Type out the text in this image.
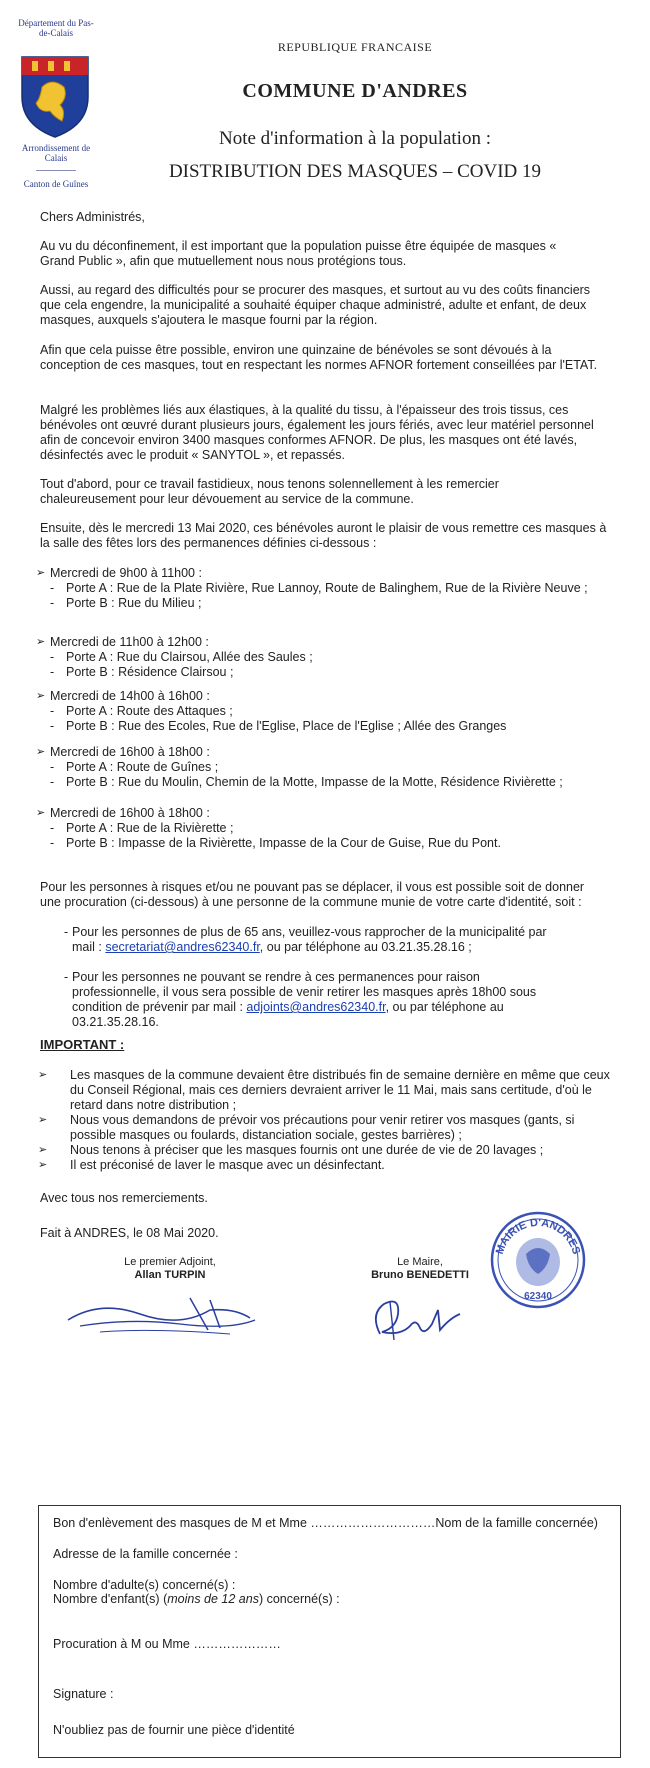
Département du Pas-de-Calais
Arrondissement de Calais
Canton de Guînes
REPUBLIQUE FRANCAISE
COMMUNE D'ANDRES
Note d'information à la population :
DISTRIBUTION DES MASQUES – COVID 19

Chers Administrés,

Au vu du déconfinement, il est important que la population puisse être équipée de masques « Grand Public », afin que mutuellement nous nous protégions tous.

Aussi, au regard des difficultés pour se procurer des masques, et surtout au vu des coûts financiers que cela engendre, la municipalité a souhaité équiper chaque administré, adulte et enfant, de deux masques, auxquels s'ajoutera le masque fourni par la région.

Afin que cela puisse être possible, environ une quinzaine de bénévoles se sont dévoués à la conception de ces masques, tout en respectant les normes AFNOR fortement conseillées par l'ETAT.

Malgré les problèmes liés aux élastiques, à la qualité du tissu, à l'épaisseur des trois tissus, ces bénévoles ont œuvré durant plusieurs jours, également les jours fériés, avec leur matériel personnel afin de concevoir environ 3400 masques conformes AFNOR. De plus, les masques ont été lavés, désinfectés avec le produit « SANYTOL », et repassés.

Tout d'abord, pour ce travail fastidieux, nous tenons solennellement à les remercier chaleureusement pour leur dévouement au service de la commune.

Ensuite, dès le mercredi 13 Mai 2020, ces bénévoles auront le plaisir de vous remettre ces masques à la salle des fêtes lors des permanences définies ci-dessous :

➢ Mercredi de 9h00 à 11h00 :
- Porte A : Rue de la Plate Rivière, Rue Lannoy, Route de Balinghem, Rue de la Rivière Neuve ;
- Porte B : Rue du Milieu ;
➢ Mercredi de 11h00 à 12h00 :
- Porte A : Rue du Clairsou, Allée des Saules ;
- Porte B : Résidence Clairsou ;
➢ Mercredi de 14h00 à 16h00 :
- Porte A : Route des Attaques ;
- Porte B : Rue des Ecoles, Rue de l'Eglise, Place de l'Eglise ; Allée des Granges
➢ Mercredi de 16h00 à 18h00 :
- Porte A : Route de Guînes ;
- Porte B : Rue du Moulin, Chemin de la Motte, Impasse de la Motte, Résidence Rivièrette ;
➢ Mercredi de 16h00 à 18h00 :
- Porte A : Rue de la Rivièrette ;
- Porte B : Impasse de la Rivièrette, Impasse de la Cour de Guise, Rue du Pont.

Pour les personnes à risques et/ou ne pouvant pas se déplacer, il vous est possible soit de donner une procuration (ci-dessous) à une personne de la commune munie de votre carte d'identité, soit :

- Pour les personnes de plus de 65 ans, veuillez-vous rapprocher de la municipalité par mail : secretariat@andres62340.fr, ou par téléphone au 03.21.35.28.16 ;
- Pour les personnes ne pouvant se rendre à ces permanences pour raison professionnelle, il vous sera possible de venir retirer les masques après 18h00 sous condition de prévenir par mail : adjoints@andres62340.fr, ou par téléphone au 03.21.35.28.16.
IMPORTANT :
➢ Les masques de la commune devaient être distribués fin de semaine dernière en même que ceux du Conseil Régional, mais ces derniers devraient arriver le 11 Mai, mais sans certitude, d'où le retard dans notre distribution ;
➢ Nous vous demandons de prévoir vos précautions pour venir retirer vos masques (gants, si possible masques ou foulards, distanciation sociale, gestes barrières) ;
➢ Nous tenons à préciser que les masques fournis ont une durée de vie de 20 lavages ;
➢ Il est préconisé de laver le masque avec un désinfectant.

Avec tous nos remerciements.

Fait à ANDRES, le 08 Mai 2020.

Le premier Adjoint,
Allan TURPIN
Le Maire,
Bruno BENEDETTI
MAIRIE D'ANDRES
62340
Bon d'enlèvement des masques de M et Mme …………………………Nom de la famille concernée)
Adresse de la famille concernée :
Nombre d'adulte(s) concerné(s) :
Nombre d'enfant(s) (moins de 12 ans) concerné(s) :
Procuration à M ou Mme …………………
Signature :
N'oubliez pas de fournir une pièce d'identité
